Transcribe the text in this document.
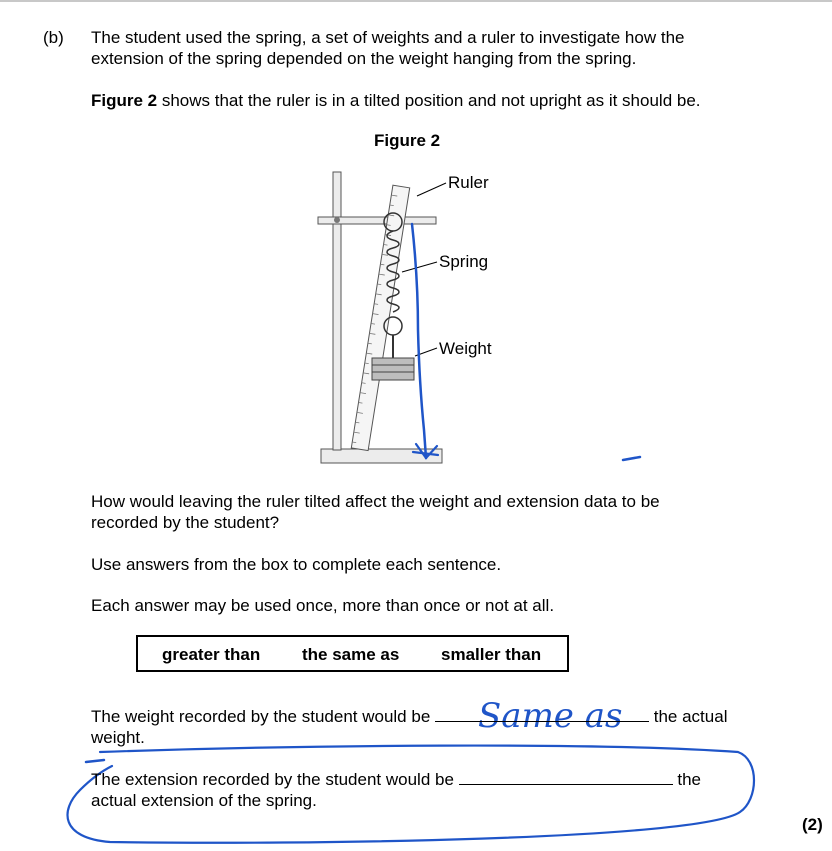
(b) The student used the spring, a set of weights and a ruler to investigate how the
extension of the spring depended on the weight hanging from the spring.
Figure 2 shows that the ruler is in a tilted position and not upright as it should be.
Figure 2
Ruler
Spring
Weight
Same as
How would leaving the ruler tilted affect the weight and extension data to be
recorded by the student?
Use answers from the box to complete each sentence.
Each answer may be used once, more than once or not at all.
greater than the same as smaller than
The weight recorded by the student would be	the actual
weight.
The extension recorded by the student would be	the
actual extension of the spring.
(2)
